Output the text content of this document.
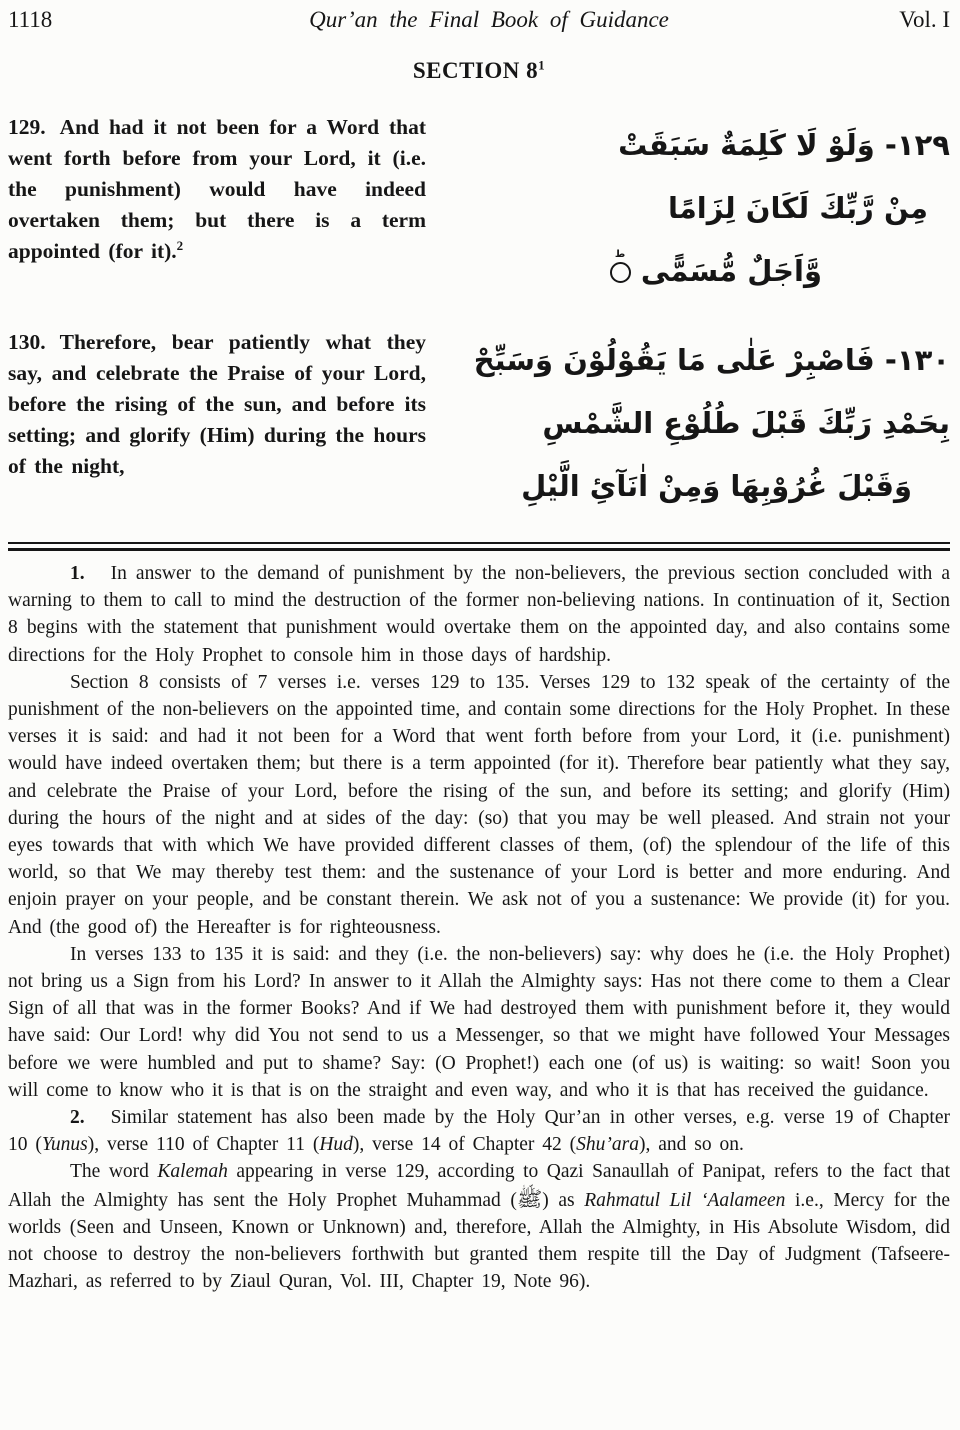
1118	Qur’an the Final Book of Guidance	Vol. I
SECTION 8$^1$
129. And had it not been for a Word that went forth before from your Lord, it (i.e. the punishment) would have indeed overtaken them; but there is a term appointed (for it).$^2$
١٢٩- وَلَوْ لَا كَلِمَةٌ سَبَقَتْ
مِنْ رَّبِّكَ لَكَانَ لِزَامًا
وَّاَجَلٌ مُّسَمًّىط
130. Therefore, bear patiently what they say, and celebrate the Praise of your Lord, before the rising of the sun, and before its setting; and glorify (Him) during the hours of the night,
١٣٠- فَاصْبِرْ عَلٰى مَا يَقُوْلُوْنَ وَسَبِّحْ
بِحَمْدِ رَبِّكَ قَبْلَ طُلُوْعِ الشَّمْسِ
وَقَبْلَ غُرُوْبِهَا وَمِنْ اٰنَآئِ الَّيْلِ

1. In answer to the demand of punishment by the non-believers, the previous section concluded with a warning to them to call to mind the destruction of the former non-believing nations. In continuation of it, Section 8 begins with the statement that punishment would overtake them on the appointed day, and also contains some directions for the Holy Prophet to console him in those days of hardship.

Section 8 consists of 7 verses i.e. verses 129 to 135. Verses 129 to 132 speak of the certainty of the punishment of the non-believers on the appointed time, and contain some directions for the Holy Prophet. In these verses it is said: and had it not been for a Word that went forth before from your Lord, it (i.e. punishment) would have indeed overtaken them; but there is a term appointed (for it). Therefore bear patiently what they say, and celebrate the Praise of your Lord, before the rising of the sun, and before its setting; and glorify (Him) during the hours of the night and at sides of the day: (so) that you may be well pleased. And strain not your eyes towards that with which We have provided different classes of them, (of) the splendour of the life of this world, so that We may thereby test them: and the sustenance of your Lord is better and more enduring. And enjoin prayer on your people, and be constant therein. We ask not of you a sustenance: We provide (it) for you. And (the good of) the Hereafter is for righteousness.

In verses 133 to 135 it is said: and they (i.e. the non-believers) say: why does he (i.e. the Holy Prophet) not bring us a Sign from his Lord? In answer to it Allah the Almighty says: Has not there come to them a Clear Sign of all that was in the former Books? And if We had destroyed them with punishment before it, they would have said: Our Lord! why did You not send to us a Messenger, so that we might have followed Your Messages before we were humbled and put to shame? Say: (O Prophet!) each one (of us) is waiting: so wait! Soon you will come to know who it is that is on the straight and even way, and who it is that has received the guidance.

2. Similar statement has also been made by the Holy Qur’an in other verses, e.g. verse 19 of Chapter 10 (Yunus), verse 110 of Chapter 11 (Hud), verse 14 of Chapter 42 (Shu’ara), and so on.

The word Kalemah appearing in verse 129, according to Qazi Sanaullah of Panipat, refers to the fact that Allah the Almighty has sent the Holy Prophet Muhammad (ﷺ) as Rahmatul Lil ‘Aalameen i.e., Mercy for the worlds (Seen and Unseen, Known or Unknown) and, therefore, Allah the Almighty, in His Absolute Wisdom, did not choose to destroy the non-believers forthwith but granted them respite till the Day of Judgment (Tafseere-Mazhari, as referred to by Ziaul Quran, Vol. III, Chapter 19, Note 96).
